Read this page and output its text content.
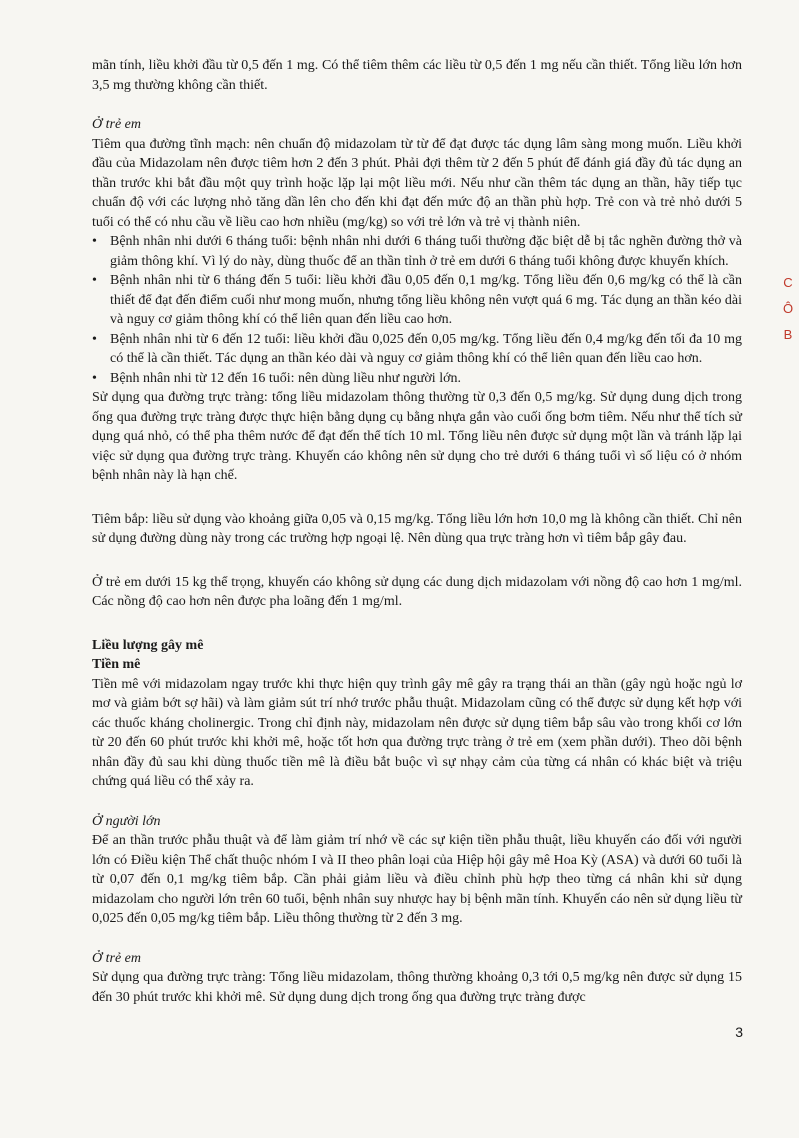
mãn tính, liều khởi đầu từ 0,5 đến 1 mg. Có thể tiêm thêm các liều từ 0,5 đến 1 mg nếu cần thiết. Tổng liều lớn hơn 3,5 mg thường không cần thiết.

Ở trẻ em

Tiêm qua đường tĩnh mạch: nên chuẩn độ midazolam từ từ để đạt được tác dụng lâm sàng mong muốn. Liều khởi đầu của Midazolam nên được tiêm hơn 2 đến 3 phút. Phải đợi thêm từ 2 đến 5 phút để đánh giá đầy đủ tác dụng an thần trước khi bắt đầu một quy trình hoặc lặp lại một liều mới. Nếu như cần thêm tác dụng an thần, hãy tiếp tục chuẩn độ với các lượng nhỏ tăng dần lên cho đến khi đạt đến mức độ an thần phù hợp. Trẻ con và trẻ nhỏ dưới 5 tuổi có thể có nhu cầu về liều cao hơn nhiều (mg/kg) so với trẻ lớn và trẻ vị thành niên.

• Bệnh nhân nhi dưới 6 tháng tuổi: bệnh nhân nhi dưới 6 tháng tuổi thường đặc biệt dễ bị tắc nghẽn đường thở và giảm thông khí. Vì lý do này, dùng thuốc để an thần tỉnh ở trẻ em dưới 6 tháng tuổi không được khuyến khích.
• Bệnh nhân nhi từ 6 tháng đến 5 tuổi: liều khởi đầu 0,05 đến 0,1 mg/kg. Tổng liều đến 0,6 mg/kg có thể là cần thiết để đạt đến điểm cuối như mong muốn, nhưng tổng liều không nên vượt quá 6 mg. Tác dụng an thần kéo dài và nguy cơ giảm thông khí có thể liên quan đến liều cao hơn.
• Bệnh nhân nhi từ 6 đến 12 tuổi: liều khởi đầu 0,025 đến 0,05 mg/kg. Tổng liều đến 0,4 mg/kg đến tối đa 10 mg có thể là cần thiết. Tác dụng an thần kéo dài và nguy cơ giảm thông khí có thể liên quan đến liều cao hơn.
• Bệnh nhân nhi từ 12 đến 16 tuổi: nên dùng liều như người lớn.

Sử dụng qua đường trực tràng: tổng liều midazolam thông thường từ 0,3 đến 0,5 mg/kg. Sử dụng dung dịch trong ống qua đường trực tràng được thực hiện bằng dụng cụ bằng nhựa gắn vào cuối ống bơm tiêm. Nếu như thể tích sử dụng quá nhỏ, có thể pha thêm nước để đạt đến thể tích 10 ml. Tổng liều nên được sử dụng một lần và tránh lặp lại việc sử dụng qua đường trực tràng. Khuyến cáo không nên sử dụng cho trẻ dưới 6 tháng tuổi vì số liệu có ở nhóm bệnh nhân này là hạn chế.

Tiêm bắp: liều sử dụng vào khoảng giữa 0,05 và 0,15 mg/kg. Tổng liều lớn hơn 10,0 mg là không cần thiết. Chỉ nên sử dụng đường dùng này trong các trường hợp ngoại lệ. Nên dùng qua trực tràng hơn vì tiêm bắp gây đau.

Ở trẻ em dưới 15 kg thể trọng, khuyến cáo không sử dụng các dung dịch midazolam với nồng độ cao hơn 1 mg/ml. Các nồng độ cao hơn nên được pha loãng đến 1 mg/ml.

Liều lượng gây mê

Tiền mê

Tiền mê với midazolam ngay trước khi thực hiện quy trình gây mê gây ra trạng thái an thần (gây ngủ hoặc ngủ lơ mơ và giảm bớt sợ hãi) và làm giảm sút trí nhớ trước phẫu thuật. Midazolam cũng có thể được sử dụng kết hợp với các thuốc kháng cholinergic. Trong chỉ định này, midazolam nên được sử dụng tiêm bắp sâu vào trong khối cơ lớn từ 20 đến 60 phút trước khi khởi mê, hoặc tốt hơn qua đường trực tràng ở trẻ em (xem phần dưới). Theo dõi bệnh nhân đầy đủ sau khi dùng thuốc tiền mê là điều bắt buộc vì sự nhạy cảm của từng cá nhân có khác biệt và triệu chứng quá liều có thể xảy ra.

Ở người lớn

Để an thần trước phẫu thuật và để làm giảm trí nhớ về các sự kiện tiền phẫu thuật, liều khuyến cáo đối với người lớn có Điều kiện Thể chất thuộc nhóm I và II theo phân loại của Hiệp hội gây mê Hoa Kỳ (ASA) và dưới 60 tuổi là từ 0,07 đến 0,1 mg/kg tiêm bắp. Cần phải giảm liều và điều chỉnh phù hợp theo từng cá nhân khi sử dụng midazolam cho người lớn trên 60 tuổi, bệnh nhân suy nhược hay bị bệnh mãn tính. Khuyến cáo nên sử dụng liều từ 0,025 đến 0,05 mg/kg tiêm bắp. Liều thông thường từ 2 đến 3 mg.

Ở trẻ em

Sử dụng qua đường trực tràng: Tổng liều midazolam, thông thường khoảng 0,3 tới 0,5 mg/kg nên được sử dụng 15 đến 30 phút trước khi khởi mê. Sử dụng dung dịch trong ống qua đường trực tràng được

3
C Ô B
